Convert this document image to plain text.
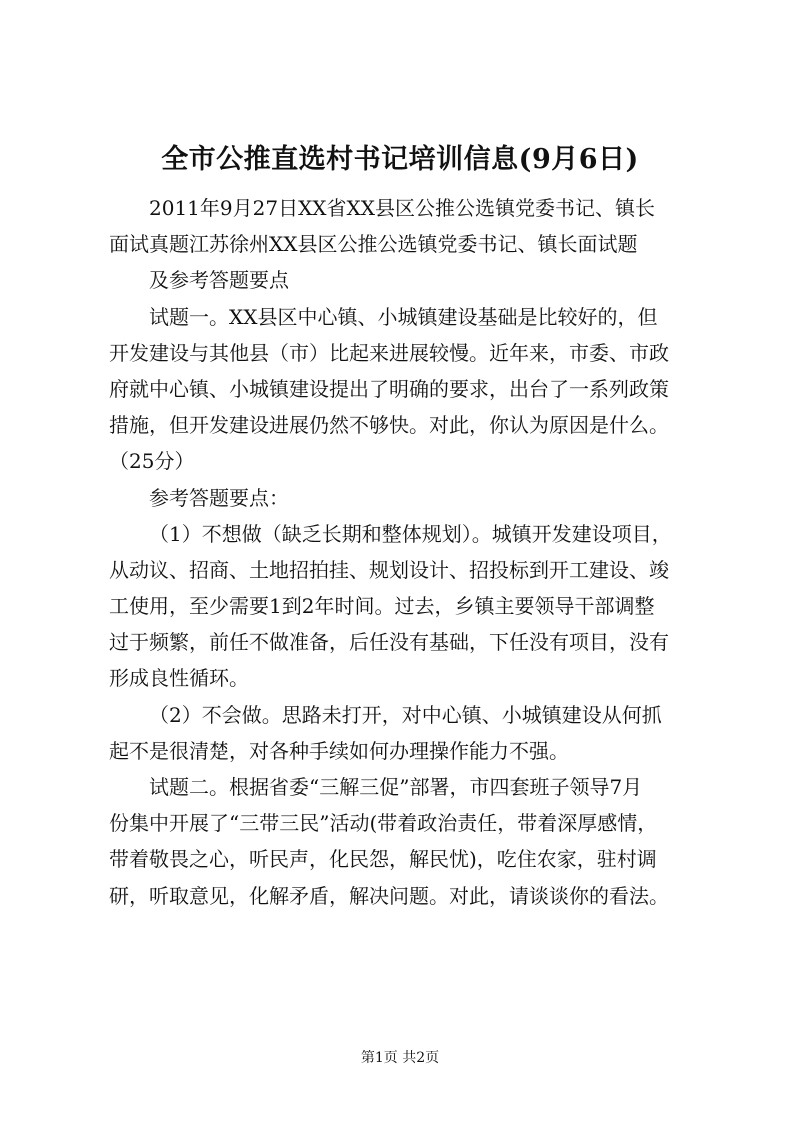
全市公推直选村书记培训信息(9月6日)
2011年9月27日XX省XX县区公推公选镇党委书记、镇长
面试真题江苏徐州XX县区公推公选镇党委书记、镇长面试题
及参考答题要点
试题一。XX县区中心镇、小城镇建设基础是比较好的，但
开发建设与其他县（市）比起来进展较慢。近年来，市委、市政
府就中心镇、小城镇建设提出了明确的要求，出台了一系列政策
措施，但开发建设进展仍然不够快。对此，你认为原因是什么。
（25分）
参考答题要点：
（1）不想做（缺乏长期和整体规划）。城镇开发建设项目，
从动议、招商、土地招拍挂、规划设计、招投标到开工建设、竣
工使用，至少需要1到2年时间。过去，乡镇主要领导干部调整
过于频繁，前任不做准备，后任没有基础，下任没有项目，没有
形成良性循环。
（2）不会做。思路未打开，对中心镇、小城镇建设从何抓
起不是很清楚，对各种手续如何办理操作能力不强。
试题二。根据省委“三解三促”部署，市四套班子领导7月
份集中开展了“三带三民”活动(带着政治责任，带着深厚感情，
带着敬畏之心，听民声，化民怨，解民忧)，吃住农家，驻村调
研，听取意见，化解矛盾，解决问题。对此，请谈谈你的看法。
第1页 共2页
